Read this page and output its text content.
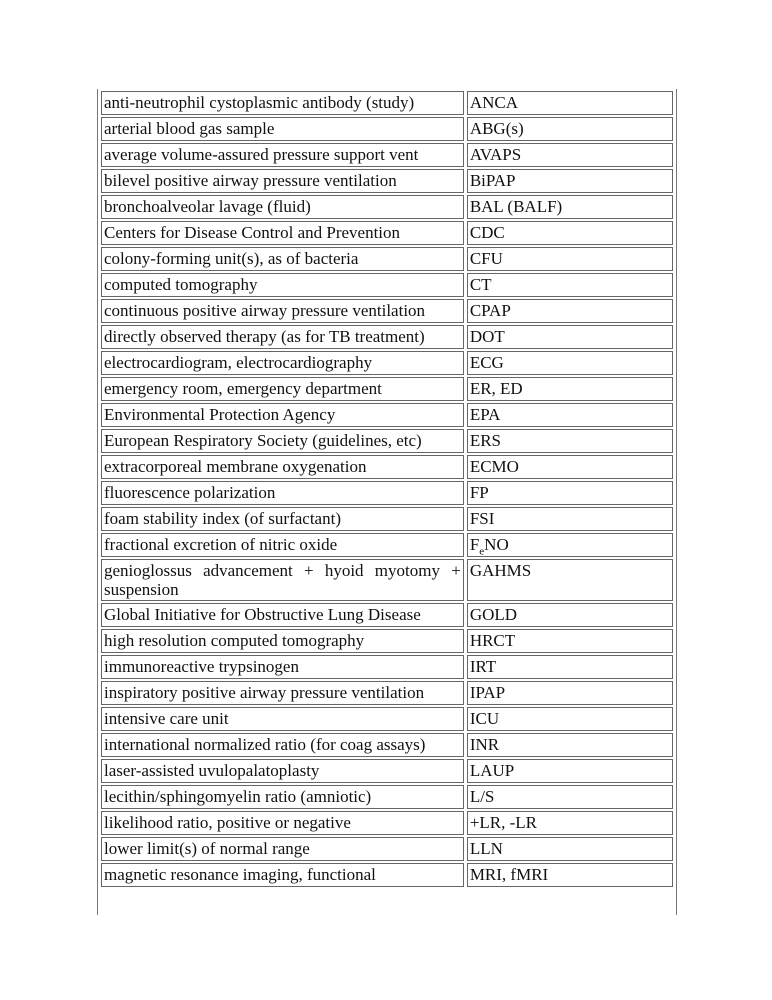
anti-neutrophil cystoplasmic antibody (study)	ANCA
arterial blood gas sample	ABG(s)
average volume-assured pressure support vent	AVAPS
bilevel positive airway pressure ventilation	BiPAP
bronchoalveolar lavage (fluid)	BAL (BALF)
Centers for Disease Control and Prevention	CDC
colony-forming unit(s), as of bacteria	CFU
computed tomography	CT
continuous positive airway pressure ventilation	CPAP
directly observed therapy (as for TB treatment)	DOT
electrocardiogram, electrocardiography	ECG
emergency room, emergency department	ER, ED
Environmental Protection Agency	EPA
European Respiratory Society (guidelines, etc)	ERS
extracorporeal membrane oxygenation	ECMO
fluorescence polarization	FP
foam stability index (of surfactant)	FSI
fractional excretion of nitric oxide	$F_eNO$
genioglossus advancement + hyoid myotomy + suspension	GAHMS
Global Initiative for Obstructive Lung Disease	GOLD
high resolution computed tomography	HRCT
immunoreactive trypsinogen	IRT
inspiratory positive airway pressure ventilation	IPAP
intensive care unit	ICU
international normalized ratio (for coag assays)	INR
laser-assisted uvulopalatoplasty	LAUP
lecithin/sphingomyelin ratio (amniotic)	L/S
likelihood ratio, positive or negative	+LR, -LR
lower limit(s) of normal range	LLN
magnetic resonance imaging, functional	MRI, fMRI
